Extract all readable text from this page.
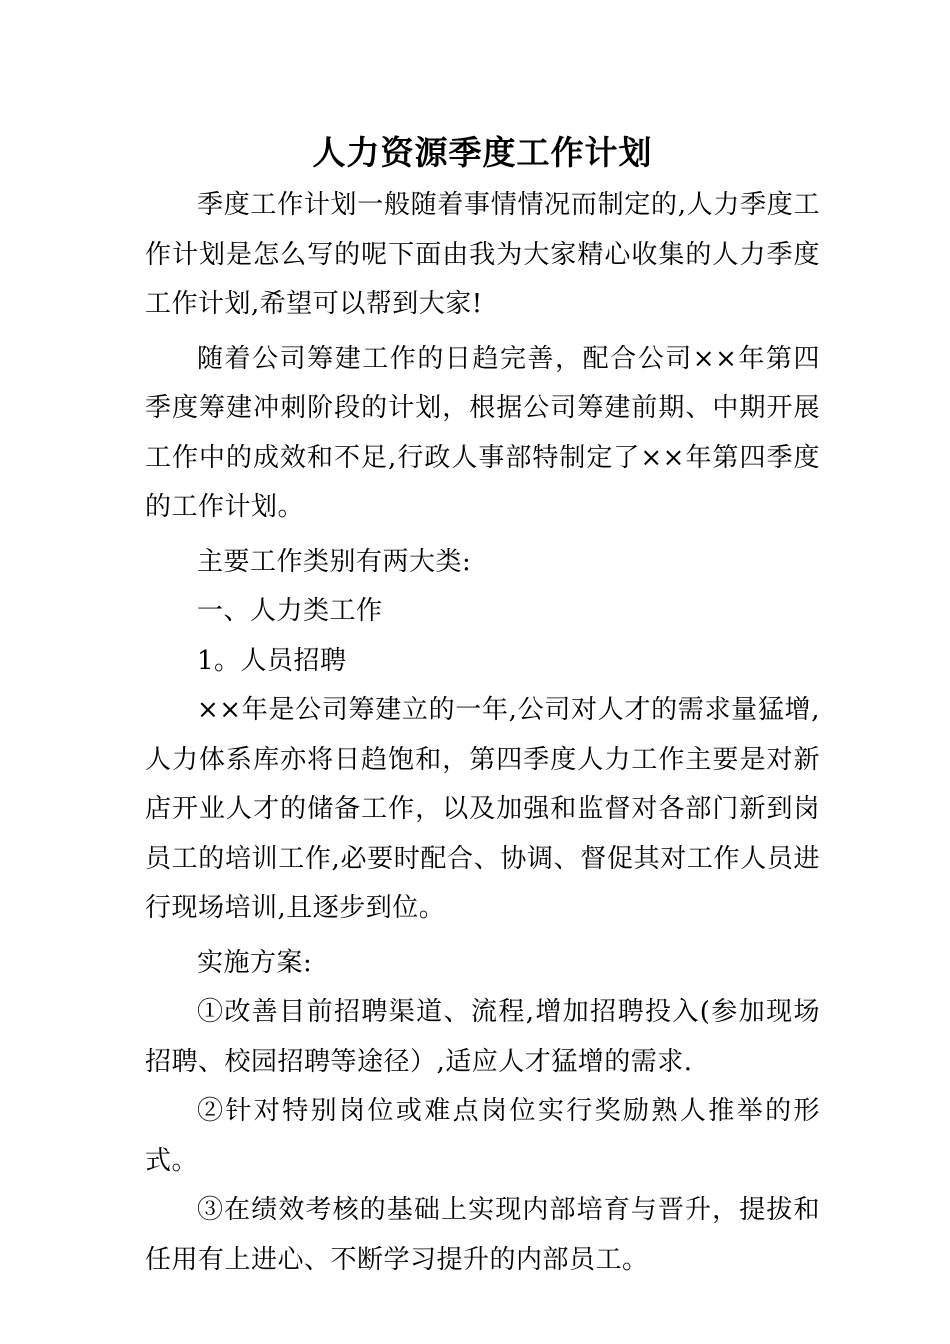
人力资源季度工作计划

季度工作计划一般随着事情情况而制定的,人力季度工作计划是怎么写的呢下面由我为大家精心收集的人力季度工作计划,希望可以帮到大家!

随着公司筹建工作的日趋完善，配合公司××年第四季度筹建冲刺阶段的计划，根据公司筹建前期、中期开展工作中的成效和不足,行政人事部特制定了××年第四季度的工作计划。

主要工作类别有两大类:

一、人力类工作

1。人员招聘

××年是公司筹建立的一年,公司对人才的需求量猛增,人力体系库亦将日趋饱和，第四季度人力工作主要是对新店开业人才的储备工作，以及加强和监督对各部门新到岗员工的培训工作,必要时配合、协调、督促其对工作人员进行现场培训,且逐步到位。

实施方案:

①改善目前招聘渠道、流程,增加招聘投入(参加现场招聘、校园招聘等途径）,适应人才猛增的需求.

②针对特别岗位或难点岗位实行奖励熟人推举的形式。

③在绩效考核的基础上实现内部培育与晋升，提拔和任用有上进心、不断学习提升的内部员工。
